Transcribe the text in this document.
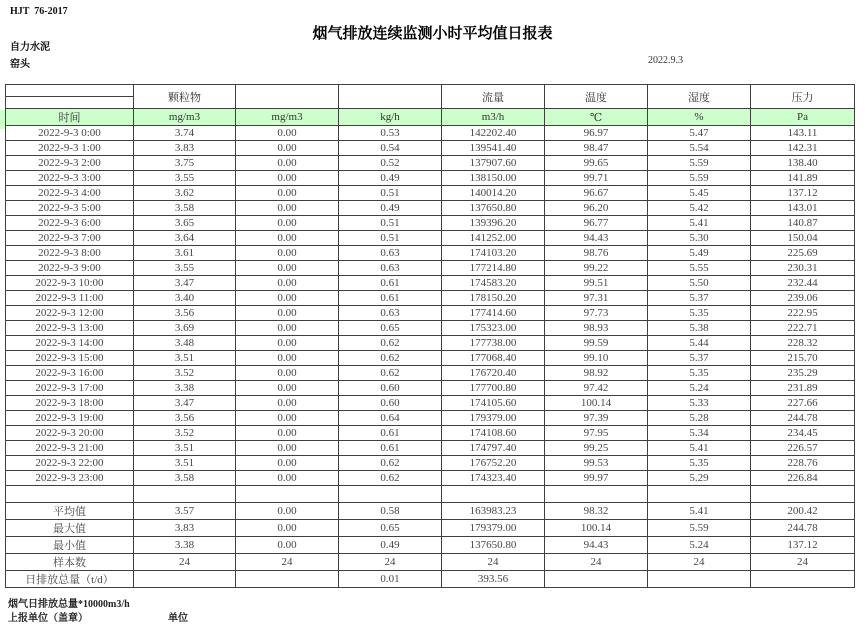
HJT  76-2017
烟气排放连续监测小时平均值日报表
自力水泥
窑头	2022.9.3
	颗粒物			流量	温度	湿度	压力

时间	mg/m3	mg/m3	kg/h	m3/h	℃	%	Pa
2022-9-3 0:00	3.74	0.00	0.53	142202.40	96.97	5.47	143.11
2022-9-3 1:00	3.83	0.00	0.54	139541.40	98.47	5.54	142.31
2022-9-3 2:00	3.75	0.00	0.52	137907.60	99.65	5.59	138.40
2022-9-3 3:00	3.55	0.00	0.49	138150.00	99.71	5.59	141.89
2022-9-3 4:00	3.62	0.00	0.51	140014.20	96.67	5.45	137.12
2022-9-3 5:00	3.58	0.00	0.49	137650.80	96.20	5.42	143.01
2022-9-3 6:00	3.65	0.00	0.51	139396.20	96.77	5.41	140.87
2022-9-3 7:00	3.64	0.00	0.51	141252.00	94.43	5.30	150.04
2022-9-3 8:00	3.61	0.00	0.63	174103.20	98.76	5.49	225.69
2022-9-3 9:00	3.55	0.00	0.63	177214.80	99.22	5.55	230.31
2022-9-3 10:00	3.47	0.00	0.61	174583.20	99.51	5.50	232.44
2022-9-3 11:00	3.40	0.00	0.61	178150.20	97.31	5.37	239.06
2022-9-3 12:00	3.56	0.00	0.63	177414.60	97.73	5.35	222.95
2022-9-3 13:00	3.69	0.00	0.65	175323.00	98.93	5.38	222.71
2022-9-3 14:00	3.48	0.00	0.62	177738.00	99.59	5.44	228.32
2022-9-3 15:00	3.51	0.00	0.62	177068.40	99.10	5.37	215.70
2022-9-3 16:00	3.52	0.00	0.62	176720.40	98.92	5.35	235.29
2022-9-3 17:00	3.38	0.00	0.60	177700.80	97.42	5.24	231.89
2022-9-3 18:00	3.47	0.00	0.60	174105.60	100.14	5.33	227.66
2022-9-3 19:00	3.56	0.00	0.64	179379.00	97.39	5.28	244.78
2022-9-3 20:00	3.52	0.00	0.61	174108.60	97.95	5.34	234.45
2022-9-3 21:00	3.51	0.00	0.61	174797.40	99.25	5.41	226.57
2022-9-3 22:00	3.51	0.00	0.62	176752.20	99.53	5.35	228.76
2022-9-3 23:00	3.58	0.00	0.62	174323.40	99.97	5.29	226.84

平均值	3.57	0.00	0.58	163983.23	98.32	5.41	200.42
最大值	3.83	0.00	0.65	179379.00	100.14	5.59	244.78
最小值	3.38	0.00	0.49	137650.80	94.43	5.24	137.12
样本数	24	24	24	24	24	24	24
日排放总量（t/d）			0.01	393.56			
烟气日排放总量*10000m3/h
上报单位（盖章）	单位
